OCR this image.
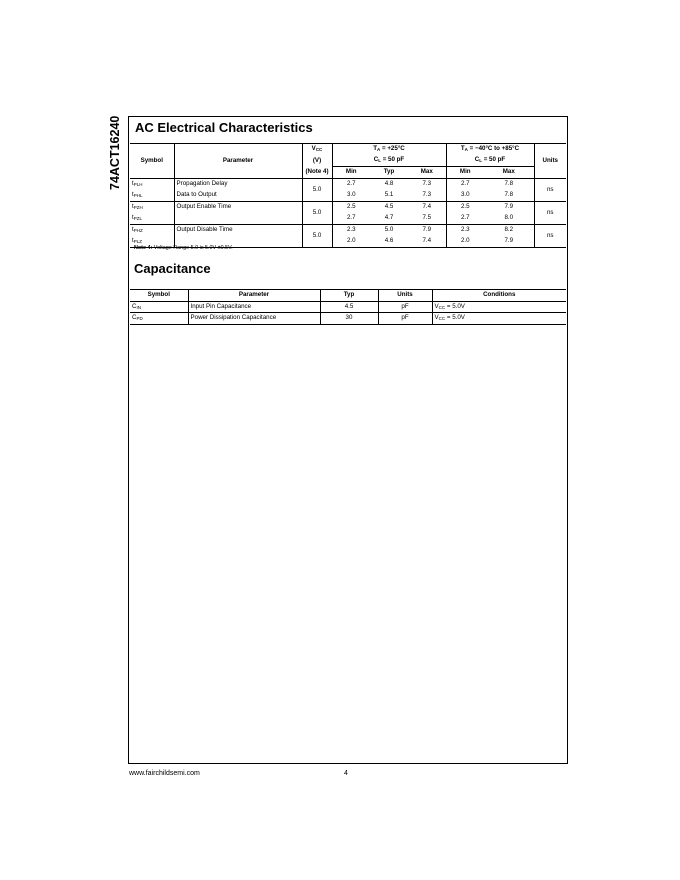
74ACT16240 AC Electrical Characteristics
Symbol	Parameter	$V_{CC}$	$T_A = +25^\circ C$			$T_A = -40^\circ C$ to +85°C		Units
		(V)	$C_L = 50$ pF			$C_L = 50$ pF		
		(Note 4)	Min	Typ	Max	Min	Max	
$t_{PLH}$	Propagation Delay	5.0	2.7	4.8	7.3	2.7	7.8	ns
$t_{PHL}$	Data to Output		3.0	5.1	7.3	3.0	7.8	
$t_{PZH}$	Output Enable Time	5.0	2.5	4.5	7.4	2.5	7.9	ns
$t_{PZL}$			2.7	4.7	7.5	2.7	8.0	
$t_{PHZ}$	Output Disable Time	5.0	2.3	5.0	7.9	2.3	8.2	ns
$t_{PLZ}$			2.0	4.6	7.4	2.0	7.9	
Note 4: Voltage Range 5.0 is 5.0V ±0.5V.
Capacitance
Symbol	Parameter	Typ	Units	Conditions
$C_{IN}$	Input Pin Capacitance	4.5	pF	$V_{CC} = 5.0V$
$C_{PD}$	Power Dissipation Capacitance	30	pF	$V_{CC} = 5.0V$
www.fairchildsemi.com	4
